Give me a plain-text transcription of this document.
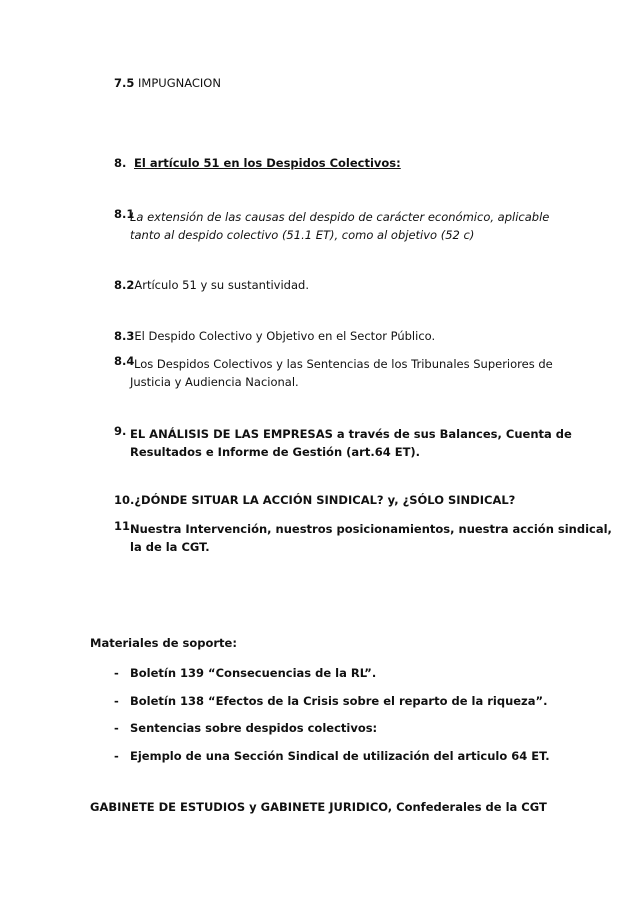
7.5 IMPUGNACION
8. El artículo 51 en los Despidos Colectivos:
8.1
La extensión de las causas del despido de carácter económico, aplicable
tanto al despido colectivo (51.1 ET), como al objetivo (52 c)
8.2Artículo 51 y su sustantividad.
8.3El Despido Colectivo y Objetivo en el Sector Público.
8.4 Los Despidos Colectivos y las Sentencias de los Tribunales Superiores de
Justicia y Audiencia Nacional.
9. EL ANÁLISIS DE LAS EMPRESAS a través de sus Balances, Cuenta de
Resultados e Informe de Gestión (art.64 ET).
10.¿DÓNDE SITUAR LA ACCIÓN SINDICAL? y, ¿SÓLO SINDICAL?
11.
Nuestra Intervención, nuestros posicionamientos, nuestra acción sindical,
la de la CGT.
Materiales de soporte:
- Boletín 139 “Consecuencias de la RL”.
- Boletín 138 “Efectos de la Crisis sobre el reparto de la riqueza”.
- Sentencias sobre despidos colectivos:
- Ejemplo de una Sección Sindical de utilización del articulo 64 ET.
GABINETE DE ESTUDIOS y GABINETE JURIDICO, Confederales de la CGT
